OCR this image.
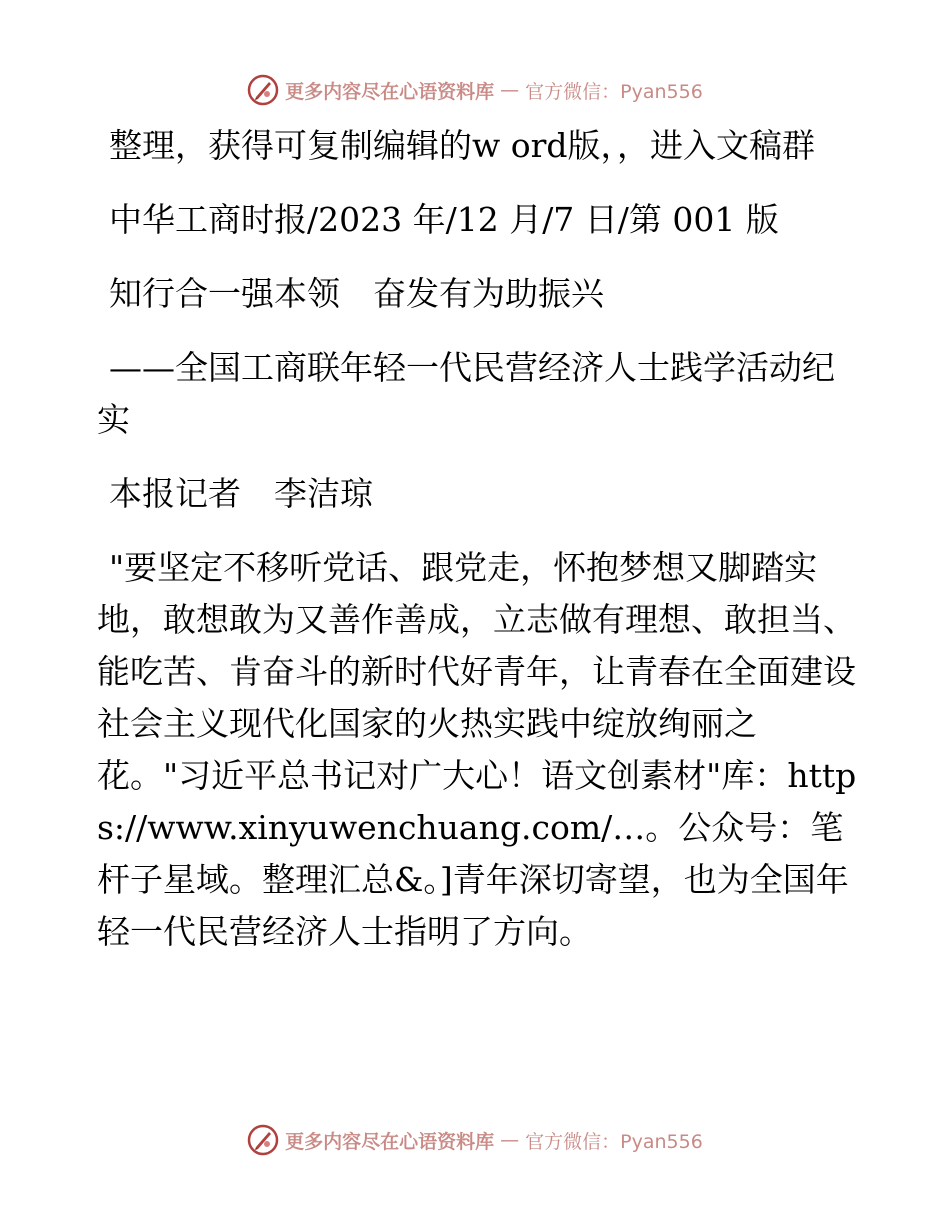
更多内容尽在心语资料库 — 官方微信：Pyan556

整理，获得可复制编辑的w ord版，，进入文稿群

中华工商时报/2023 年/12 月/7 日/第 001 版

知行合一强本领　奋发有为助振兴

——全国工商联年轻一代民营经济人士践学活动纪实

本报记者　李洁琼

"要坚定不移听党话、跟党走，怀抱梦想又脚踏实地，敢想敢为又善作善成，立志做有理想、敢担当、能吃苦、肯奋斗的新时代好青年，让青春在全面建设社会主义现代化国家的火热实践中绽放绚丽之花。"习近平总书记对广大心！语文创素材"库：https://www.xinyuwenchuang.com/…。公众号：笔杆子星域。整理汇总&。]青年深切寄望，也为全国年轻一代民营经济人士指明了方向。

更多内容尽在心语资料库 — 官方微信：Pyan556
